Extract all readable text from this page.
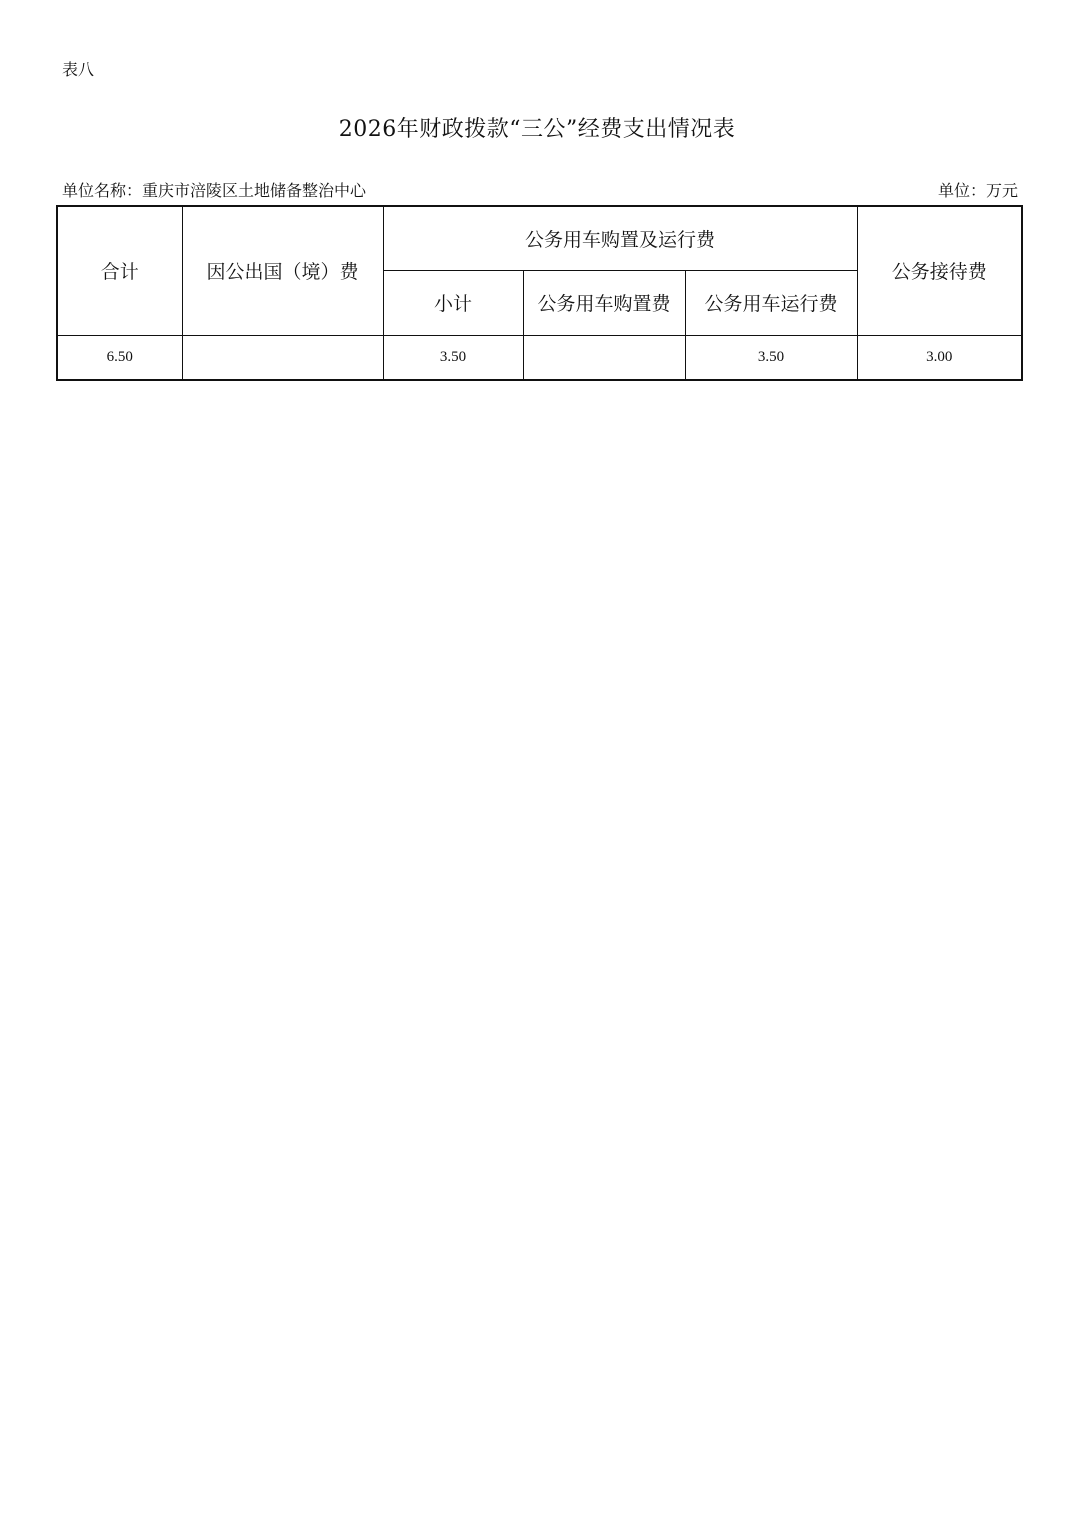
表八
2026年财政拨款“三公”经费支出情况表
单位名称：重庆市涪陵区土地储备整治中心	单位：万元
合计	因公出国（境）费	公务用车购置及运行费			公务接待费
		小计	公务用车购置费	公务用车运行费	
6.50		3.50		3.50	3.00
